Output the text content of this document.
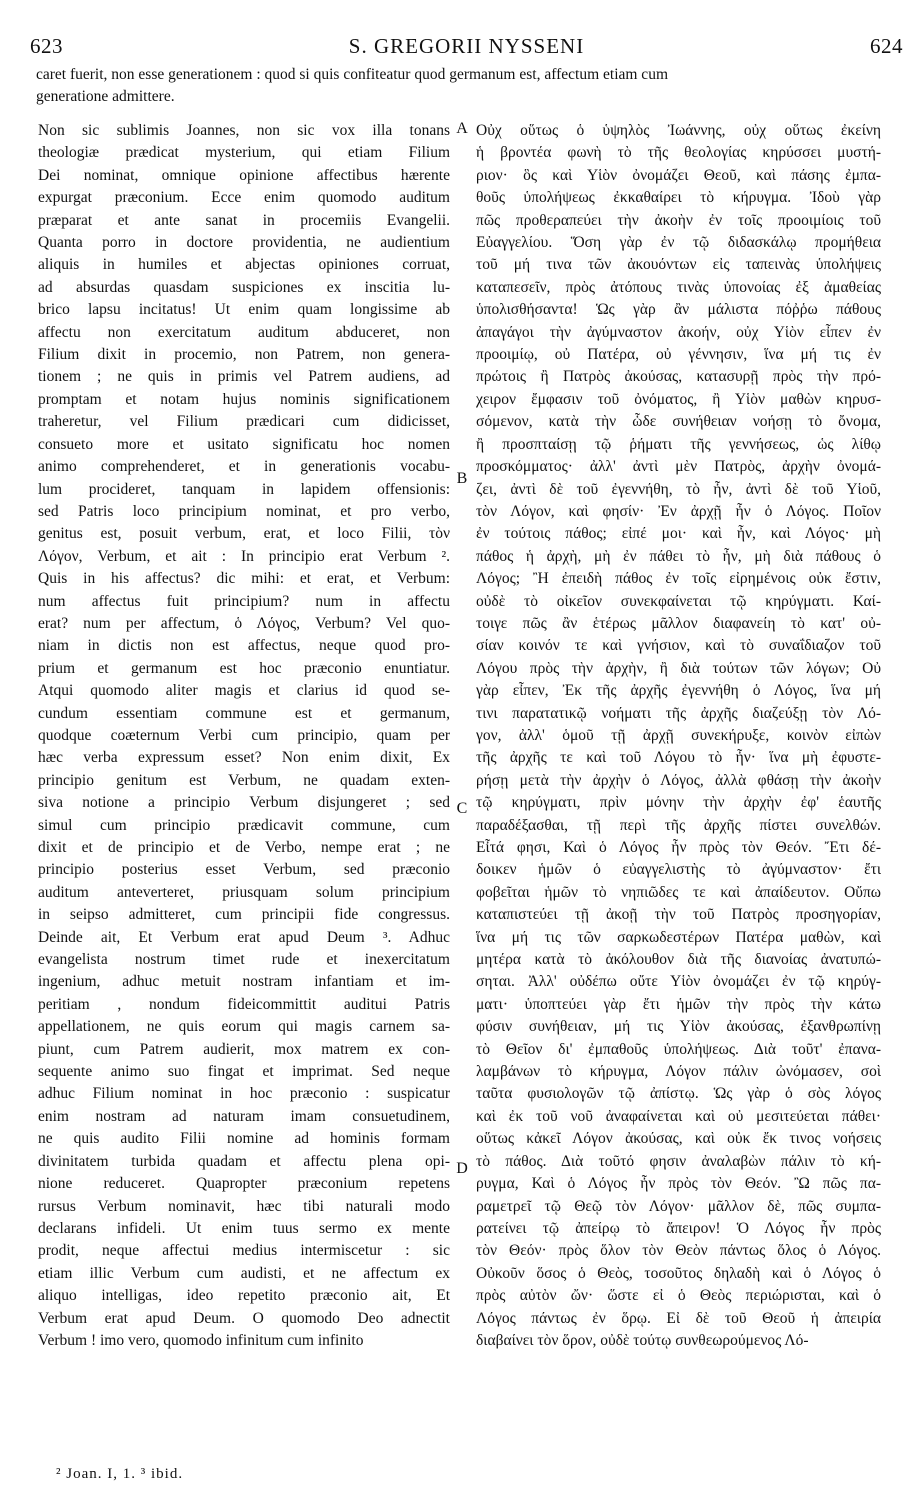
623	S. GREGORII NYSSENI	624
caret fuerit, non esse generationem : quod si quis confiteatur quod germanum est, affectum etiam cum
generatione admittere.
Non sic sublimis Joannes, non sic vox illa tonans
theologiæ prædicat mysterium, qui etiam Filium
Dei nominat, omnique opinione affectibus hærente
expurgat præconium. Ecce enim quomodo auditum
præparat et ante sanat in procemiis Evangelii.
Quanta porro in doctore providentia, ne audientium
aliquis in humiles et abjectas opiniones corruat,
ad absurdas quasdam suspiciones ex inscitia lu-
brico lapsu incitatus! Ut enim quam longissime ab
affectu non exercitatum auditum abduceret, non
Filium dixit in procemio, non Patrem, non genera-
tionem ; ne quis in primis vel Patrem audiens, ad
promptam et notam hujus nominis significationem
traheretur, vel Filium prædicari cum didicisset,
consueto more et usitato significatu hoc nomen
animo comprehenderet, et in generationis vocabu-
lum procideret, tanquam in lapidem offensionis:
sed Patris loco principium nominat, et pro verbo,
genitus est, posuit verbum, erat, et loco Filii, τὸν
Λόγον, Verbum, et ait : In principio erat Verbum ².
Quis in his affectus? dic mihi: et erat, et Verbum:
num affectus fuit principium? num in affectu
erat? num per affectum, ὁ Λόγος, Verbum? Vel quo-
niam in dictis non est affectus, neque quod pro-
prium et germanum est hoc præconio enuntiatur.
Atqui quomodo aliter magis et clarius id quod se-
cundum essentiam commune est et germanum,
quodque coæternum Verbi cum principio, quam per
hæc verba expressum esset? Non enim dixit, Ex
principio genitum est Verbum, ne quadam exten-
siva notione a principio Verbum disjungeret ; sed
simul cum principio prædicavit commune, cum
dixit et de principio et de Verbo, nempe erat ; ne
principio posterius esset Verbum, sed præconio
auditum anteverteret, priusquam solum principium
in seipso admitteret, cum principii fide congressus.
Deinde ait, Et Verbum erat apud Deum ³. Adhuc
evangelista nostrum timet rude et inexercitatum
ingenium, adhuc metuit nostram infantiam et im-
peritiam , nondum fideicommittit auditui Patris
appellationem, ne quis eorum qui magis carnem sa-
piunt, cum Patrem audierit, mox matrem ex con-
sequente animo suo fingat et imprimat. Sed neque
adhuc Filium nominat in hoc præconio : suspicatur
enim nostram ad naturam imam consuetudinem,
ne quis audito Filii nomine ad hominis formam
divinitatem turbida quadam et affectu plena opi-
nione reduceret. Quapropter præconium repetens
rursus Verbum nominavit, hæc tibi naturali modo
declarans infideli. Ut enim tuus sermo ex mente
prodit, neque affectui medius intermiscetur : sic
etiam illic Verbum cum audisti, et ne affectum ex
aliquo intelligas, ideo repetito præconio ait, Et
Verbum erat apud Deum. O quomodo Deo adnectit
Verbum ! imo vero, quomodo infinitum cum infinito
Οὐχ οὕτως ὁ ὑψηλὸς Ἰωάννης, οὐχ οὕτως ἐκείνη
ἡ βροντέα φωνὴ τὸ τῆς θεολογίας κηρύσσει μυστή-
ριον· ὃς καὶ Υἱὸν ὀνομάζει Θεοῦ, καὶ πάσης ἐμπα-
θοῦς ὑπολήψεως ἐκκαθαίρει τὸ κήρυγμα. Ἰδοὺ γὰρ
πῶς προθεραπεύει τὴν ἀκοὴν ἐν τοῖς προοιμίοις τοῦ
Εὐαγγελίου. Ὅση γὰρ ἐν τῷ διδασκάλῳ προμήθεια
τοῦ μή τινα τῶν ἀκουόντων εἰς ταπεινὰς ὑπολήψεις
καταπεσεῖν, πρὸς ἀτόπους τινὰς ὑπονοίας ἐξ ἀμαθείας
ὑπολισθήσαντα! Ὡς γὰρ ἂν μάλιστα πόῤῥω πάθους
ἀπαγάγοι τὴν ἀγύμναστον ἀκοήν, οὐχ Υἱὸν εἶπεν ἐν
προοιμίῳ, οὐ Πατέρα, οὐ γέννησιν, ἵνα μή τις ἐν
πρώτοις ἢ Πατρὸς ἀκούσας, κατασυρῇ πρὸς τὴν πρό-
χειρον ἔμφασιν τοῦ ὀνόματος, ἢ Υἱὸν μαθὼν κηρυσ-
σόμενον, κατὰ τὴν ὧδε συνήθειαν νοήσῃ τὸ ὄνομα,
ἢ προσπταίσῃ τῷ ῥήματι τῆς γεννήσεως, ὡς λίθῳ
προσκόμματος· ἀλλ' ἀντὶ μὲν Πατρὸς, ἀρχὴν ὀνομά-
ζει, ἀντὶ δὲ τοῦ ἐγεννήθη, τὸ ἦν, ἀντὶ δὲ τοῦ Υἱοῦ,
τὸν Λόγον, καὶ φησίν· Ἐν ἀρχῇ ἦν ὁ Λόγος. Ποῖον
ἐν τούτοις πάθος; εἰπέ μοι· καὶ ἦν, καὶ Λόγος· μὴ
πάθος ἡ ἀρχὴ, μὴ ἐν πάθει τὸ ἦν, μὴ διὰ πάθους ὁ
Λόγος; Ἢ ἐπειδὴ πάθος ἐν τοῖς εἰρημένοις οὐκ ἔστιν,
οὐδὲ τὸ οἰκεῖον συνεκφαίνεται τῷ κηρύγματι. Καί-
τοιγε πῶς ἂν ἑτέρως μᾶλλον διαφανείη τὸ κατ' οὐ-
σίαν κοινόν τε καὶ γνήσιον, καὶ τὸ συναΐδιαζον τοῦ
Λόγου πρὸς τὴν ἀρχὴν, ἢ διὰ τούτων τῶν λόγων; Οὐ
γὰρ εἶπεν, Ἐκ τῆς ἀρχῆς ἐγεννήθη ὁ Λόγος, ἵνα μή
τινι παρατατικῷ νοήματι τῆς ἀρχῆς διαζεύξῃ τὸν Λό-
γον, ἀλλ' ὁμοῦ τῇ ἀρχῇ συνεκήρυξε, κοινὸν εἰπὼν
τῆς ἀρχῆς τε καὶ τοῦ Λόγου τὸ ἦν· ἵνα μὴ ἐφυστε-
ρήσῃ μετὰ τὴν ἀρχὴν ὁ Λόγος, ἀλλὰ φθάσῃ τὴν ἀκοὴν
τῷ κηρύγματι, πρὶν μόνην τὴν ἀρχὴν ἐφ' ἑαυτῆς
παραδέξασθαι, τῇ περὶ τῆς ἀρχῆς πίστει συνελθών.
Εἶτά φησι, Καὶ ὁ Λόγος ἦν πρὸς τὸν Θεόν. Ἔτι δέ-
δοικεν ἡμῶν ὁ εὐαγγελιστὴς τὸ ἀγύμναστον· ἔτι
φοβεῖται ἡμῶν τὸ νηπιῶδες τε καὶ ἀπαίδευτον. Οὔπω
καταπιστεύει τῇ ἀκοῇ τὴν τοῦ Πατρὸς προσηγορίαν,
ἵνα μή τις τῶν σαρκωδεστέρων Πατέρα μαθὼν, καὶ
μητέρα κατὰ τὸ ἀκόλουθον διὰ τῆς διανοίας ἀνατυπώ-
σηται. Ἀλλ' οὐδέπω οὔτε Υἱὸν ὀνομάζει ἐν τῷ κηρύγ-
ματι· ὑποπτεύει γὰρ ἔτι ἡμῶν τὴν πρὸς τὴν κάτω
φύσιν συνήθειαν, μή τις Υἱὸν ἀκούσας, ἐξανθρωπίνῃ
τὸ Θεῖον δι' ἐμπαθοῦς ὑπολήψεως. Διὰ τοῦτ' ἐπανα-
λαμβάνων τὸ κήρυγμα, Λόγον πάλιν ὠνόμασεν, σοὶ
ταῦτα φυσιολογῶν τῷ ἀπίστῳ. Ὡς γὰρ ὁ σὸς λόγος
καὶ ἐκ τοῦ νοῦ ἀναφαίνεται καὶ οὐ μεσιτεύεται πάθει·
οὕτως κἀκεῖ Λόγον ἀκούσας, καὶ οὐκ ἔκ τινος νοήσεις
τὸ πάθος. Διὰ τοῦτό φησιν ἀναλαβὼν πάλιν τὸ κή-
ρυγμα, Καὶ ὁ Λόγος ἦν πρὸς τὸν Θεόν. Ὢ πῶς πα-
ραμετρεῖ τῷ Θεῷ τὸν Λόγον· μᾶλλον δὲ, πῶς συμπα-
ρατείνει τῷ ἀπείρῳ τὸ ἄπειρον! Ὁ Λόγος ἦν πρὸς
τὸν Θεόν· πρὸς ὅλον τὸν Θεὸν πάντως ὅλος ὁ Λόγος.
Οὐκοῦν ὅσος ὁ Θεὸς, τοσοῦτος δηλαδὴ καὶ ὁ Λόγος ὁ
πρὸς αὐτὸν ὤν· ὥστε εἰ ὁ Θεὸς περιώρισται, καὶ ὁ
Λόγος πάντως ἐν ὅρῳ. Εἰ δὲ τοῦ Θεοῦ ἡ ἀπειρία
διαβαίνει τὸν ὅρον, οὐδὲ τούτῳ συνθεωρούμενος Λό-
A
B
C
D
² Joan. I, 1. ³ ibid.
